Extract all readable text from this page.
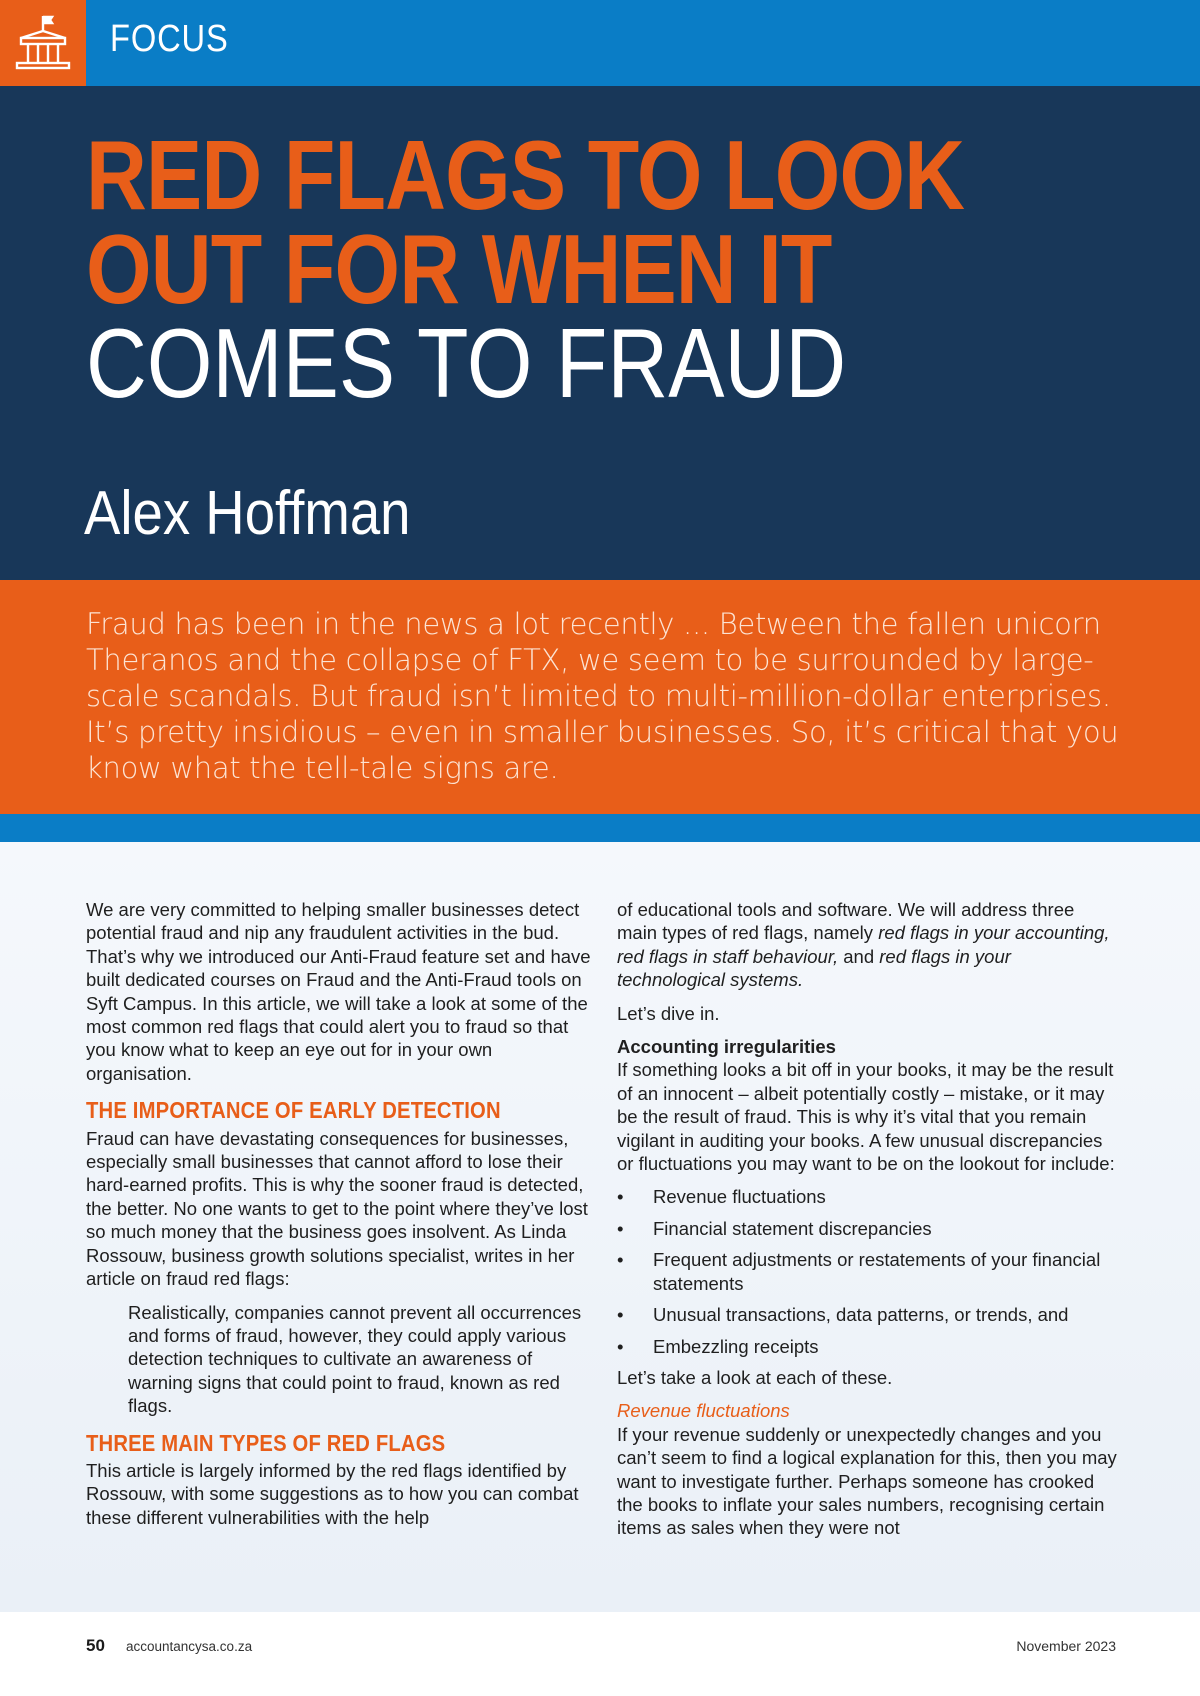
FOCUS
RED FLAGS TO LOOK
OUT FOR WHEN IT
COMES TO FRAUD
Alex Hoffman

Fraud has been in the news a lot recently ... Between the fallen unicorn Theranos and the collapse of FTX, we seem to be surrounded by large-scale scandals. But fraud isn’t limited to multi-million-dollar enterprises. It’s pretty insidious – even in smaller businesses. So, it’s critical that you know what the tell-tale signs are.

We are very committed to helping smaller businesses detect potential fraud and nip any fraudulent activities in the bud. That’s why we introduced our Anti-Fraud feature set and have built dedicated courses on Fraud and the Anti-Fraud tools on Syft Campus. In this article, we will take a look at some of the most common red flags that could alert you to fraud so that you know what to keep an eye out for in your own organisation.

THE IMPORTANCE OF EARLY DETECTION

Fraud can have devastating consequences for businesses, especially small businesses that cannot afford to lose their hard-earned profits. This is why the sooner fraud is detected, the better. No one wants to get to the point where they’ve lost so much money that the business goes insolvent. As Linda Rossouw, business growth solutions specialist, writes in her article on fraud red flags:

Realistically, companies cannot prevent all occurrences and forms of fraud, however, they could apply various detection techniques to cultivate an awareness of warning signs that could point to fraud, known as red flags.
THREE MAIN TYPES OF RED FLAGS

This article is largely informed by the red flags identified by Rossouw, with some suggestions as to how you can combat these different vulnerabilities with the help

of educational tools and software. We will address three main types of red flags, namely red flags in your accounting, red flags in staff behaviour, and red flags in your technological systems.

Let’s dive in.

Accounting irregularities

If something looks a bit off in your books, it may be the result of an innocent – albeit potentially costly – mistake, or it may be the result of fraud. This is why it’s vital that you remain vigilant in auditing your books. A few unusual discrepancies or fluctuations you may want to be on the lookout for include:

• Revenue fluctuations
• Financial statement discrepancies
• Frequent adjustments or restatements of your financial statements
• Unusual transactions, data patterns, or trends, and
• Embezzling receipts

Let’s take a look at each of these.

Revenue fluctuations

If your revenue suddenly or unexpectedly changes and you can’t seem to find a logical explanation for this, then you may want to investigate further. Perhaps someone has crooked the books to inflate your sales numbers, recognising certain items as sales when they were not

50 accountancysa.co.za	November 2023
